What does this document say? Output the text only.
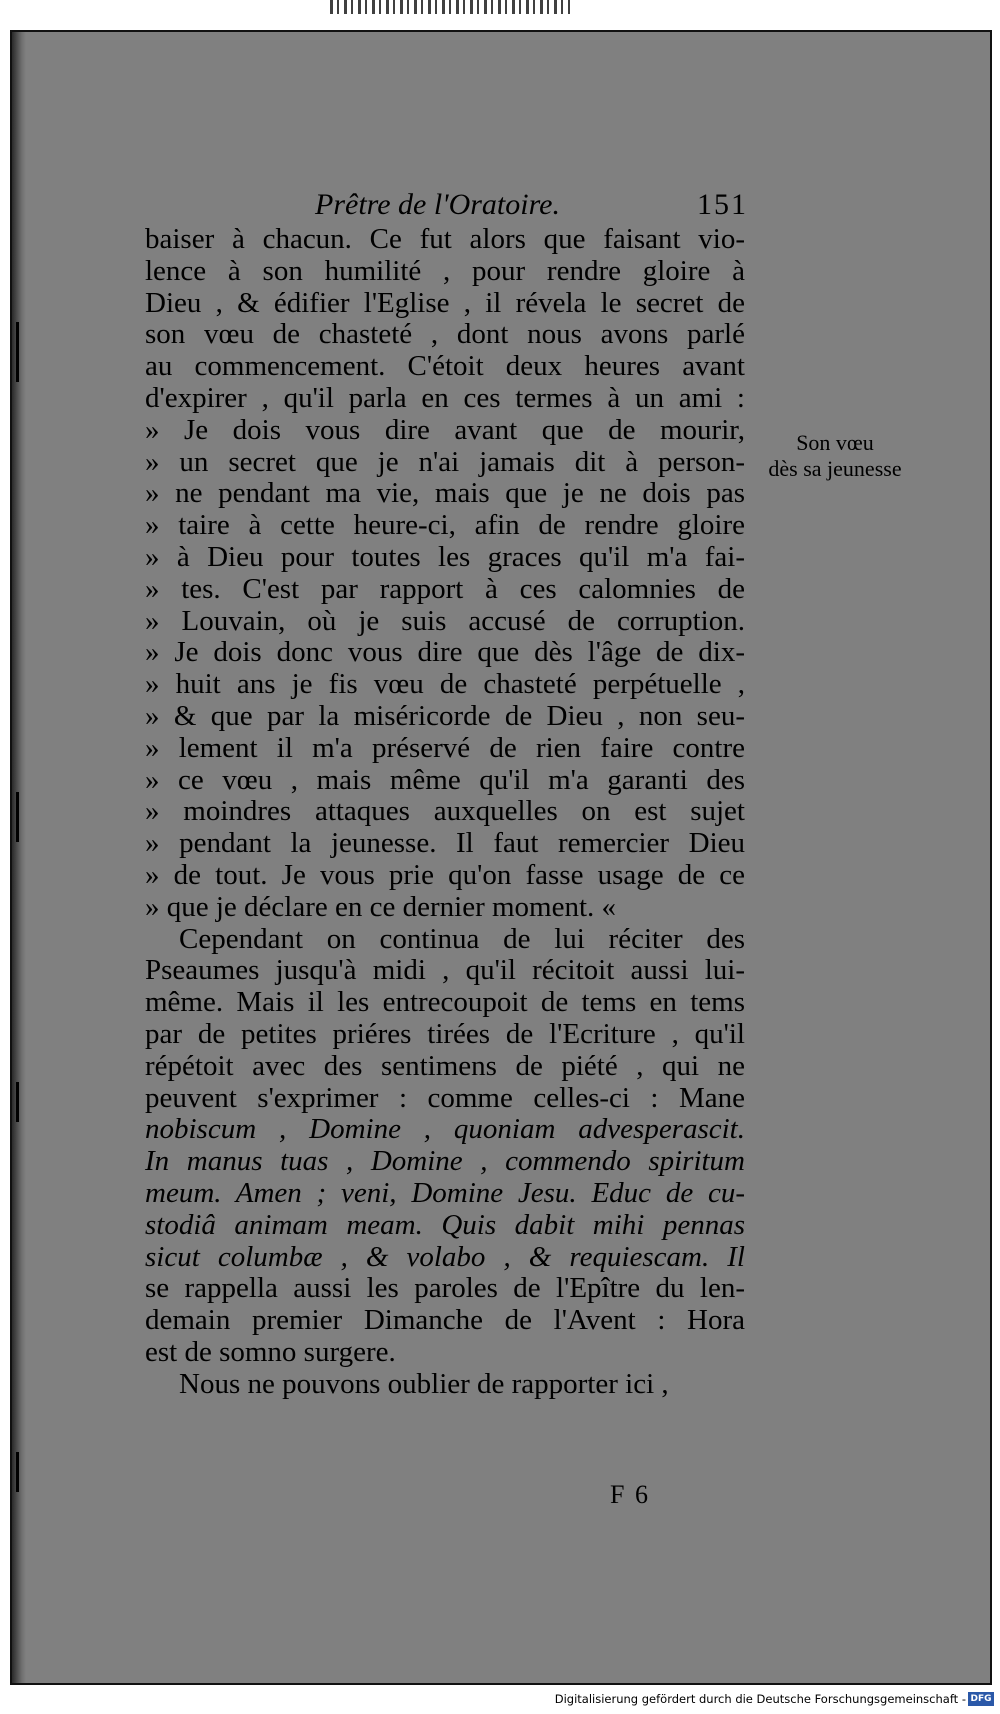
Prêtre de l'Oratoire.	151
baiser à chacun. Ce fut alors que faisant vio-
lence à son humilité , pour rendre gloire à
Dieu , & édifier l'Eglise , il révela le secret de
son vœu de chasteté , dont nous avons parlé
au commencement. C'étoit deux heures avant
d'expirer , qu'il parla en ces termes à un ami :
» Je dois vous dire avant que de mourir,
» un secret que je n'ai jamais dit à person-
» ne pendant ma vie, mais que je ne dois pas
» taire à cette heure-ci, afin de rendre gloire
» à Dieu pour toutes les graces qu'il m'a fai-
» tes. C'est par rapport à ces calomnies de
» Louvain, où je suis accusé de corruption.
» Je dois donc vous dire que dès l'âge de dix-
» huit ans je fis vœu de chasteté perpétuelle ,
» & que par la miséricorde de Dieu , non seu-
» lement il m'a préservé de rien faire contre
» ce vœu , mais même qu'il m'a garanti des
» moindres attaques auxquelles on est sujet
» pendant la jeunesse. Il faut remercier Dieu
» de tout. Je vous prie qu'on fasse usage de ce
» que je déclare en ce dernier moment. «
Cependant on continua de lui réciter des
Pseaumes jusqu'à midi , qu'il récitoit aussi lui-
même. Mais il les entrecoupoit de tems en tems
par de petites priéres tirées de l'Ecriture , qu'il
répétoit avec des sentimens de piété , qui ne
peuvent s'exprimer : comme celles-ci : Mane
nobiscum , Domine , quoniam advesperascit.
In manus tuas , Domine , commendo spiritum
meum. Amen ; veni, Domine Jesu. Educ de cu-
stodiâ animam meam. Quis dabit mihi pennas
sicut columbæ , & volabo , & requiescam. Il
se rappella aussi les paroles de l'Epître du len-
demain premier Dimanche de l'Avent : Hora
est de somno surgere.
Nous ne pouvons oublier de rapporter ici ,
Son vœu
dès sa jeunesse
F 6
Digitalisierung gefördert durch die Deutsche Forschungsgemeinschaft - DFG
